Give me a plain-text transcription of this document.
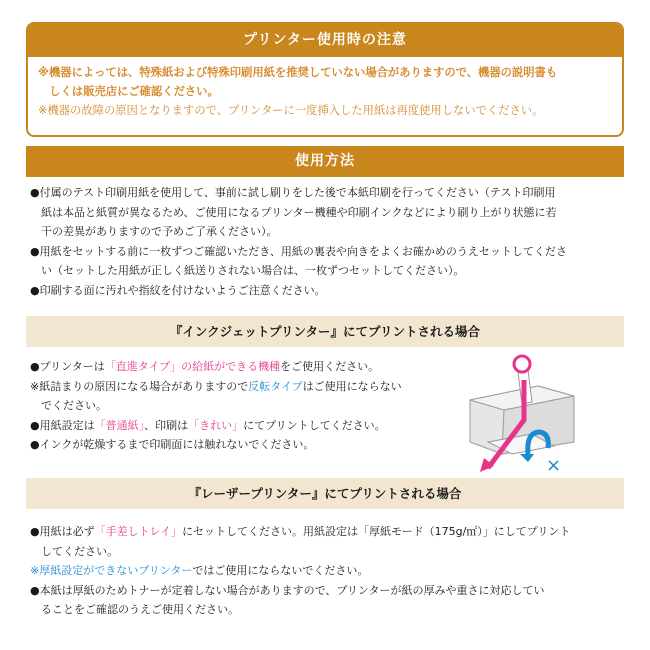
プリンター使用時の注意
※機器によっては、特殊紙および特殊印刷用紙を推奨していない場合がありますので、機器の説明書も
　しくは販売店にご確認ください。
※機器の故障の原因となりますので、プリンターに一度挿入した用紙は再度使用しないでください。
使用方法
●付属のテスト印刷用紙を使用して、事前に試し刷りをした後で本紙印刷を行ってください（テスト印刷用
　紙は本品と紙質が異なるため、ご使用になるプリンター機種や印刷インクなどにより刷り上がり状態に若
　干の差異がありますので予めご了承ください）。
●用紙をセットする前に一枚ずつご確認いただき、用紙の裏表や向きをよくお確かめのうえセットしてくださ
　い（セットした用紙が正しく紙送りされない場合は、一枚ずつセットしてください）。
●印刷する面に汚れや指紋を付けないようご注意ください。
『インクジェットプリンター』にてプリントされる場合
●プリンターは「直進タイプ」の給紙ができる機種をご使用ください。
※紙詰まりの原因になる場合がありますので反転タイプはご使用にならない
　でください。
●用紙設定は「普通紙」、印刷は「きれい」にてプリントしてください。
●インクが乾燥するまで印刷面には触れないでください。
×
『レーザープリンター』にてプリントされる場合
●用紙は必ず「手差しトレイ」にセットしてください。用紙設定は「厚紙モード（175g/㎡）」にしてプリント
　してください。
※厚紙設定ができないプリンターではご使用にならないでください。
●本紙は厚紙のためトナーが定着しない場合がありますので、プリンターが紙の厚みや重さに対応してい
　ることをご確認のうえご使用ください。
